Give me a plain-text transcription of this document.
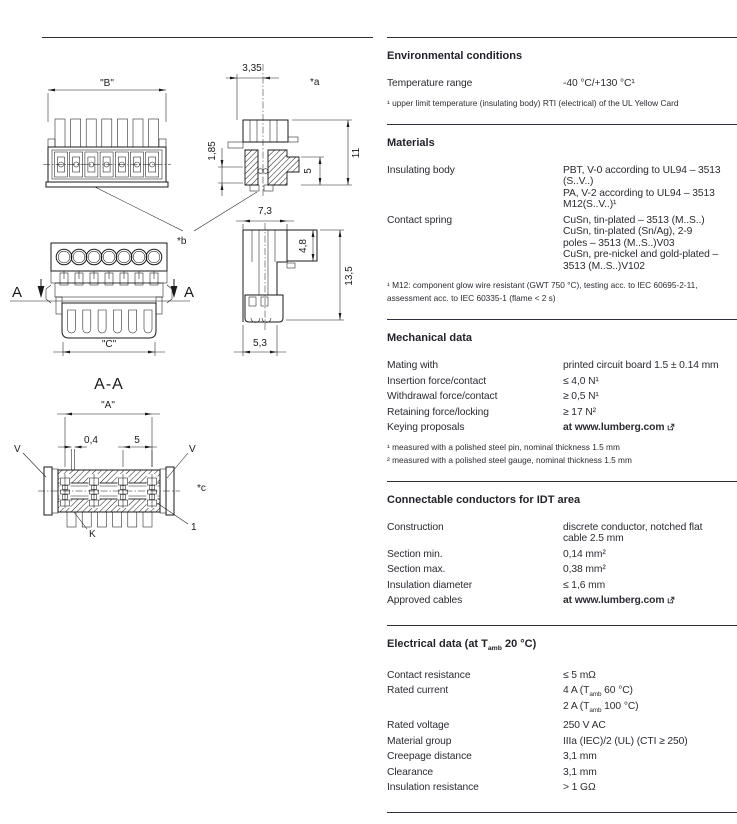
"B"
*b
3,35
*a
1,85	11
5
A	A
"C"
A-A
7,3
4,8
13,5
5,3
"A"
0,4	5
V	V
*c
K
1
Environmental conditions
Temperature range	-40 °C/+130 °C¹
¹ upper limit temperature (insulating body) RTI (electrical) of the UL Yellow Card
Materials
Insulating body	PBT, V-0 according to UL94 – 3513
(S..V..)
PA, V-2 according to UL94 – 3513
M12(S..V..)¹
Contact spring	CuSn, tin-plated – 3513 (M..S..)
CuSn, tin-plated (Sn/Ag), 2-9
poles – 3513 (M..S..)V03
CuSn, pre-nickel and gold-plated –
3513 (M..S..)V102
¹ M12: component glow wire resistant (GWT 750 °C), testing acc. to IEC 60695-2-11, assessment acc. to IEC 60335-1 (flame < 2 s)
Mechanical data
Mating with	printed circuit board 1.5 ± 0.14 mm
Insertion force/contact	≤ 4,0 N¹
Withdrawal force/contact	≥ 0,5 N¹
Retaining force/locking	≥ 17 N²
Keying proposals	at www.lumberg.com
¹ measured with a polished steel pin, nominal thickness 1.5 mm
² measured with a polished steel gauge, nominal thickness 1.5 mm
Connectable conductors for IDT area
Construction	discrete conductor, notched flat
cable 2.5 mm
Section min.	0,14 mm²
Section max.	0,38 mm²
Insulation diameter	≤ 1,6 mm
Approved cables	at www.lumberg.com
Electrical data (at $T_{amb}$ 20 °C)
Contact resistance	≤ 5 mΩ
Rated current	4 A ($T_{amb}$ 60 °C)
2 A ($T_{amb}$ 100 °C)
Rated voltage	250 V AC
Material group	IIIa (IEC)/2 (UL) (CTI ≥ 250)
Creepage distance	3,1 mm
Clearance	3,1 mm
Insulation resistance	> 1 GΩ
